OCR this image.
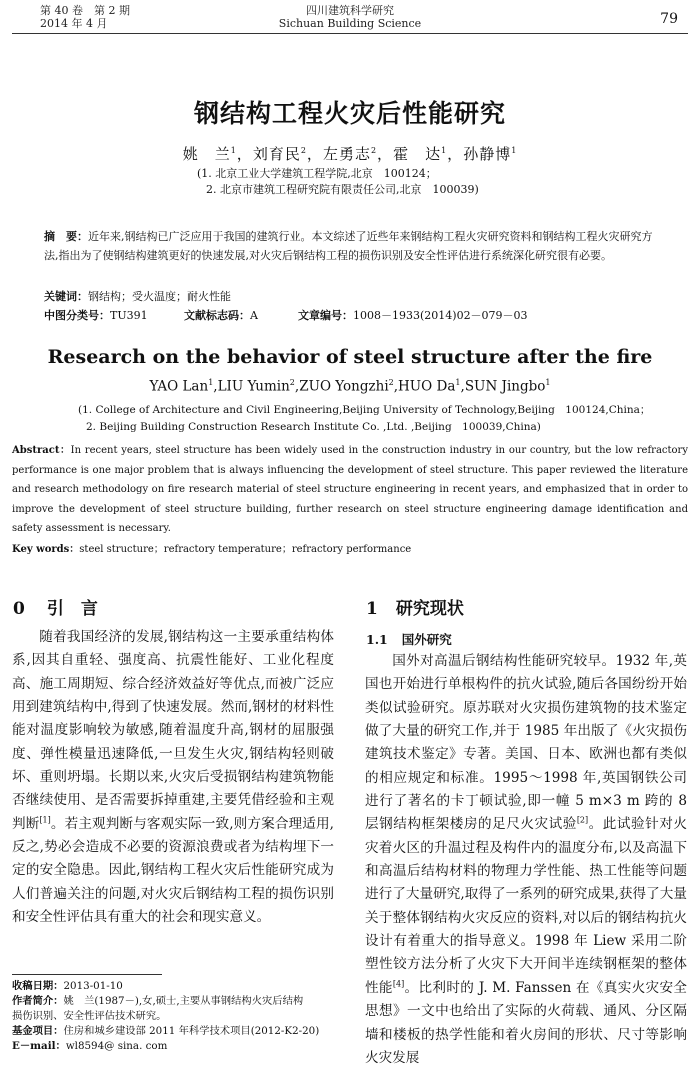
第 40 卷　第 2 期
2014 年 4 月
四川建筑科学研究
Sichuan Building Science	79
钢结构工程火灾后性能研究
姚　兰$^1$，刘育民$^2$，左勇志$^2$，霍　达$^1$，孙静博$^1$
(1. 北京工业大学建筑工程学院,北京　100124；
2. 北京市建筑工程研究院有限责任公司,北京　100039)
摘　要：近年来,钢结构已广泛应用于我国的建筑行业。本文综述了近些年来钢结构工程火灾研究资料和钢结构工程火灾研究方法,指出为了使钢结构建筑更好的快速发展,对火灾后钢结构工程的损伤识别及安全性评估进行系统深化研究很有必要。
关键词：钢结构；受火温度；耐火性能
中图分类号：TU391	文献标志码：A	文章编号：1008－1933(2014)02－079－03
Research on the behavior of steel structure after the fire
YAO Lan$^1$,LIU Yumin$^2$,ZUO Yongzhi$^2$,HUO Da$^1$,SUN Jingbo$^1$
(1. College of Architecture and Civil Engineering,Beijing University of Technology,Beijing　100124,China；
2. Beijing Building Construction Research Institute Co. ,Ltd. ,Beijing　100039,China)
Abstract：In recent years, steel structure has been widely used in the construction industry in our country, but the low refractory performance is one major problem that is always influencing the development of steel structure. This paper reviewed the literature and research methodology on fire research material of steel structure engineering in recent years, and emphasized that in order to improve the development of steel structure building, further research on steel structure engineering damage identification and safety assessment is necessary.
Key words：steel structure；refractory temperature；refractory performance
0 引　言

随着我国经济的发展,钢结构这一主要承重结构体系,因其自重轻、强度高、抗震性能好、工业化程度高、施工周期短、综合经济效益好等优点,而被广泛应用到建筑结构中,得到了快速发展。然而,钢材的材料性能对温度影响较为敏感,随着温度升高,钢材的屈服强度、弹性模量迅速降低,一旦发生火灾,钢结构轻则破坏、重则坍塌。长期以来,火灾后受损钢结构建筑物能否继续使用、是否需要拆掉重建,主要凭借经验和主观判断[1]。若主观判断与客观实际一致,则方案合理适用,反之,势必会造成不必要的资源浪费或者为结构埋下一定的安全隐患。因此,钢结构工程火灾后性能研究成为人们普遍关注的问题,对火灾后钢结构工程的损伤识别和安全性评估具有重大的社会和现实意义。

收稿日期：2013-01-10
作者简介：姚　兰(1987－),女,硕士,主要从事钢结构火灾后结构
损伤识别、安全性评估技术研究。
基金项目：住房和城乡建设部 2011 年科学技术项目(2012-K2-20)
E－mail：wl8594@ sina. com
1 研究现状
1.1 国外研究

国外对高温后钢结构性能研究较早。1932 年,英国也开始进行单根构件的抗火试验,随后各国纷纷开始类似试验研究。原苏联对火灾损伤建筑物的技术鉴定做了大量的研究工作,并于 1985 年出版了《火灾损伤建筑技术鉴定》专著。美国、日本、欧洲也都有类似的相应规定和标准。1995～1998 年,英国钢铁公司进行了著名的卡丁顿试验,即一幢 5 m×3 m 跨的 8 层钢结构框架楼房的足尺火灾试验[2]。此试验针对火灾着火区的升温过程及构件内的温度分布,以及高温下和高温后结构材料的物理力学性能、热工性能等问题进行了大量研究,取得了一系列的研究成果,获得了大量关于整体钢结构火灾反应的资料,对以后的钢结构抗火设计有着重大的指导意义。1998 年 Liew 采用二阶塑性铰方法分析了火灾下大开间半连续钢框架的整体性能[4]。比利时的 J. M. Fanssen 在《真实火灾安全思想》一文中也给出了实际的火荷载、通风、分区隔墙和楼板的热学性能和着火房间的形状、尺寸等影响火灾发展
